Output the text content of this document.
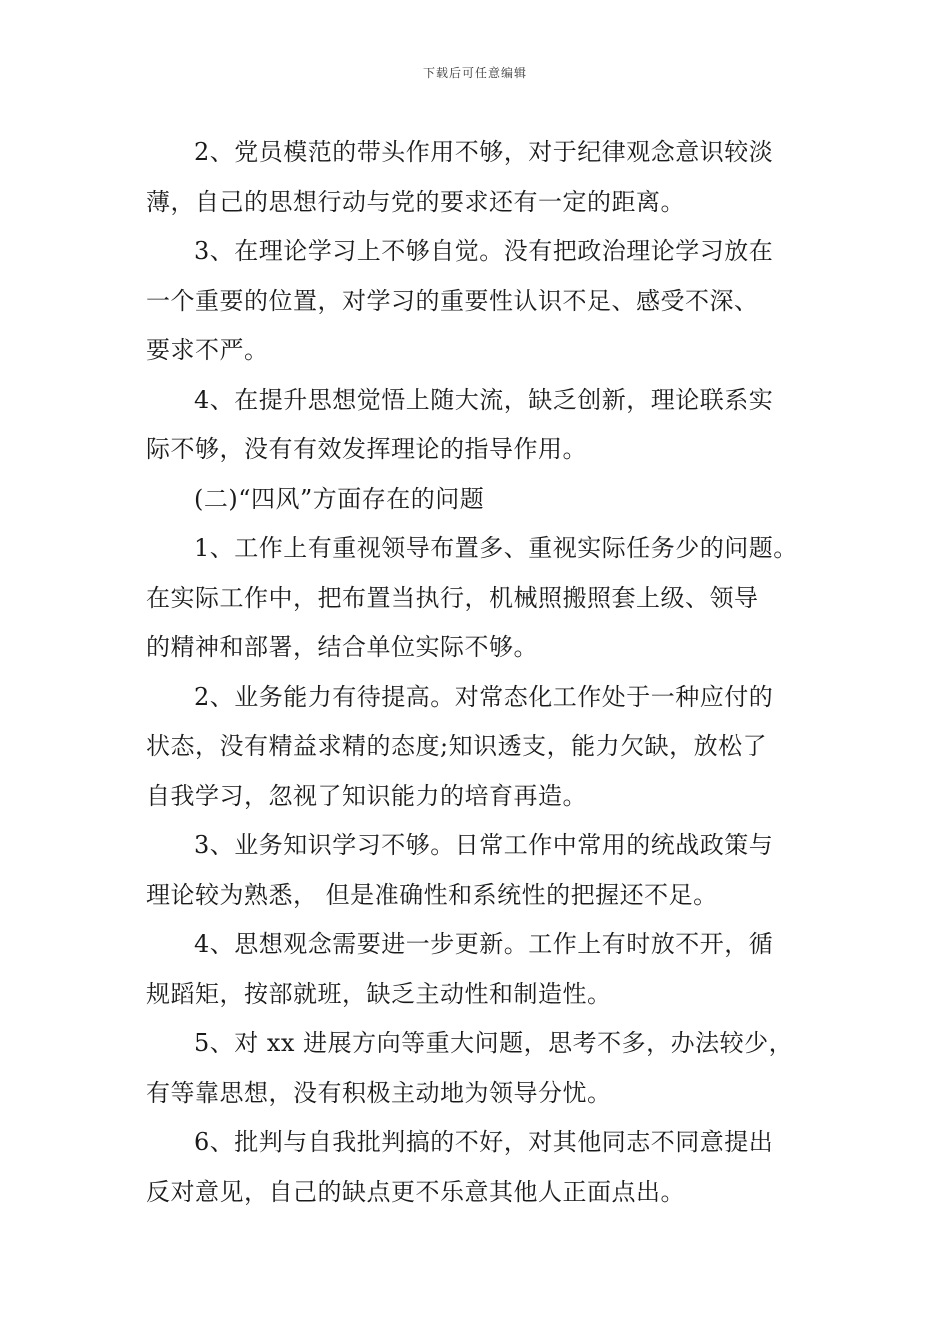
下载后可任意编辑
2、党员模范的带头作用不够，对于纪律观念意识较淡
薄，自己的思想行动与党的要求还有一定的距离。
3、在理论学习上不够自觉。没有把政治理论学习放在
一个重要的位置，对学习的重要性认识不足、感受不深、
要求不严。
4、在提升思想觉悟上随大流，缺乏创新，理论联系实
际不够，没有有效发挥理论的指导作用。
(二)“四风”方面存在的问题
1、工作上有重视领导布置多、重视实际任务少的问题。
在实际工作中，把布置当执行，机械照搬照套上级、领导
的精神和部署，结合单位实际不够。
2、业务能力有待提高。对常态化工作处于一种应付的
状态，没有精益求精的态度;知识透支，能力欠缺，放松了
自我学习，忽视了知识能力的培育再造。
3、业务知识学习不够。日常工作中常用的统战政策与
理论较为熟悉， 但是准确性和系统性的把握还不足。
4、思想观念需要进一步更新。工作上有时放不开，循
规蹈矩，按部就班，缺乏主动性和制造性。
5、对 xx 进展方向等重大问题，思考不多，办法较少，
有等靠思想，没有积极主动地为领导分忧。
6、批判与自我批判搞的不好，对其他同志不同意提出
反对意见，自己的缺点更不乐意其他人正面点出。
